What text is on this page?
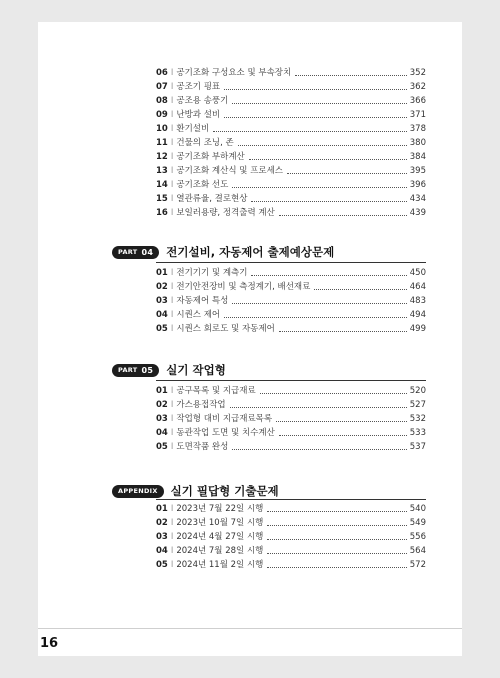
06 I 공기조화 구성요소 및 부속장치	352
07 I 공조기 핑표	362
08 I 공조용 송풍기	366
09 I 난방과 설비	371
10 I 환기설비	378
11 I 건물의 조닝, 존	380
12 I 공기조화 부하계산	384
13 I 공기조화 계산식 및 프로세스	395
14 I 공기조화 선도	396
15 I 열관류율, 결로현상	434
16 I 보일러용량, 정격출력 계산	439
PART 04 전기설비, 자동제어 출제예상문제
01 I 전기기기 및 계측기	450
02 I 전기안전장비 및 측정계기, 배선재료	464
03 I 자동제어 특성	483
04 I 시퀀스 제어	494
05 I 시퀀스 회로도 및 자동제어	499
PART 05 실기 작업형
01 I 공구목록 및 지급재료	520
02 I 가스용접작업	527
03 I 작업형 대비 지급재료목록	532
04 I 동관작업 도면 및 치수계산	533
05 I 도면작품 완성	537
APPENDIX 실기 필답형 기출문제
01 I 2023년 7월 22일 시행	540
02 I 2023년 10월 7일 시행	549
03 I 2024년 4월 27일 시행	556
04 I 2024년 7월 28일 시행	564
05 I 2024년 11월 2일 시행	572
16
